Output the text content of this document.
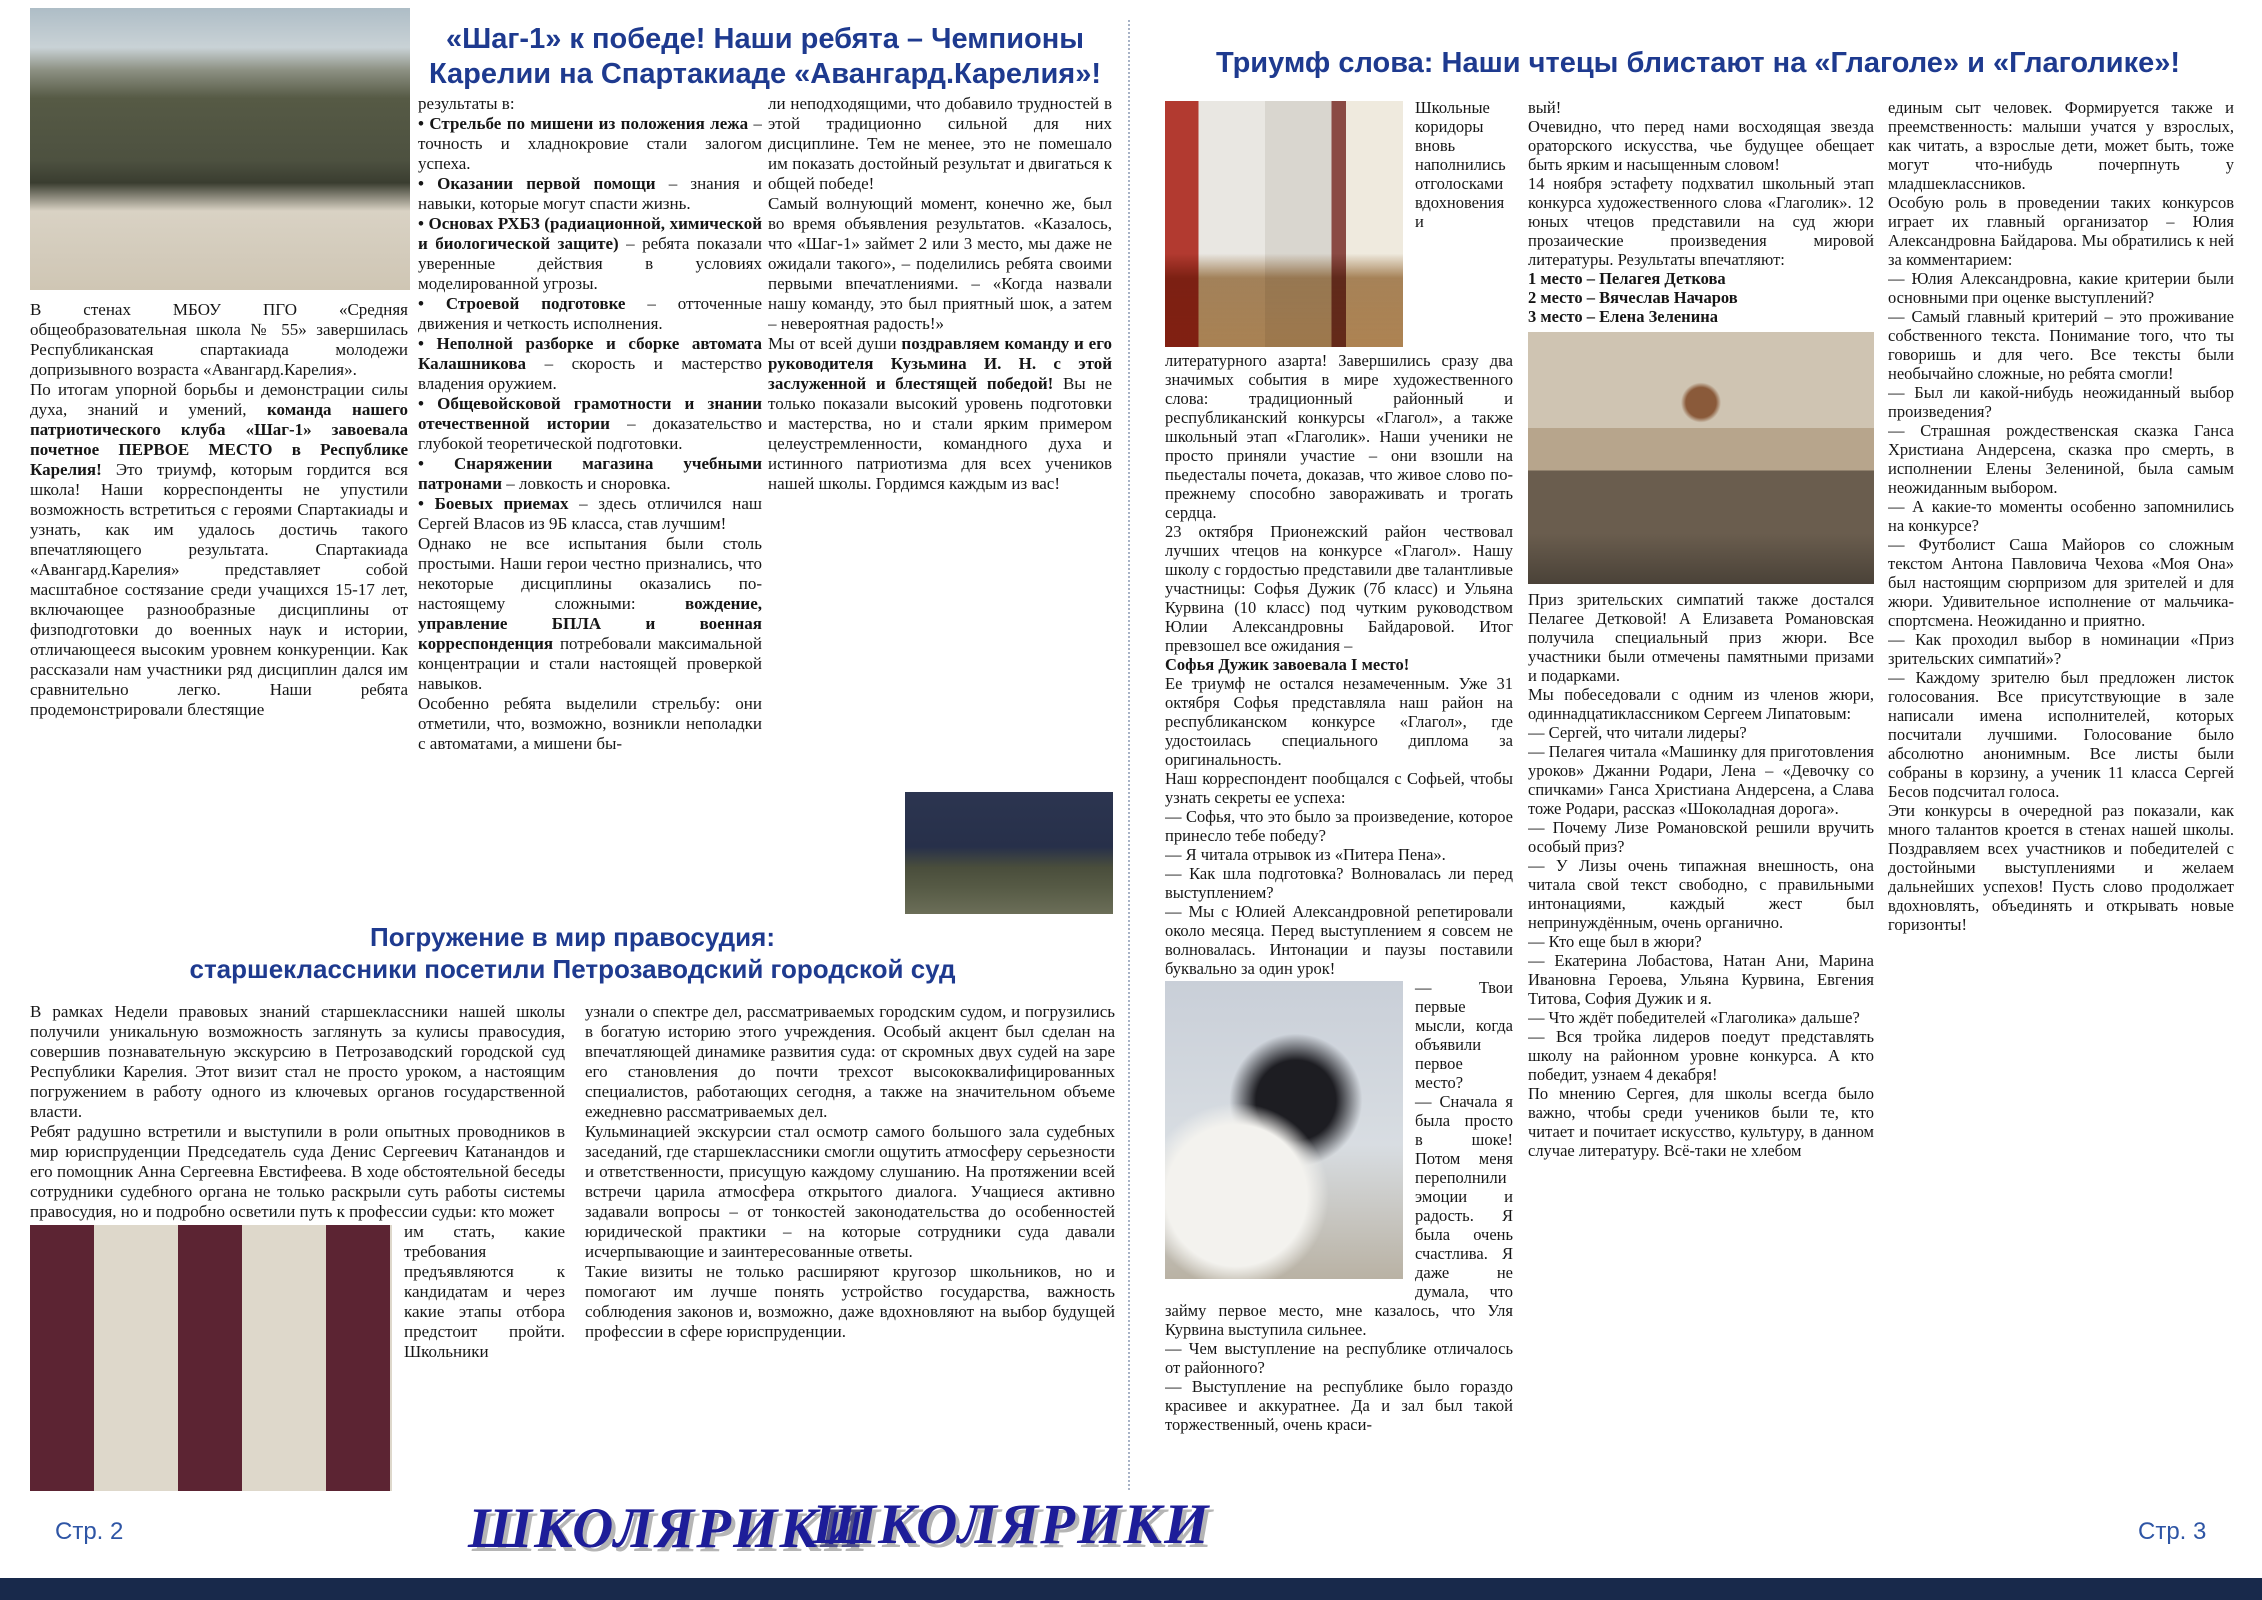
«Шаг-1» к победе! Наши ребята – Чемпионы Карелии на Спартакиаде «Авангард.Карелия»!

В стенах МБОУ ПГО «Средняя общеобразовательная школа № 55» завершилась Республиканская спартакиада молодежи допризывного возраста «Авангард.Карелия».

По итогам упорной борьбы и демонстрации силы духа, знаний и умений, команда нашего патриотического клуба «Шаг-1» завоевала почетное ПЕРВОЕ МЕСТО в Республике Карелия! Это триумф, которым гордится вся школа! Наши корреспонденты не упустили возможность встретиться с героями Спартакиады и узнать, как им удалось достичь такого впечатляющего результата. Спартакиада «Авангард.Карелия» представляет собой масштабное состязание среди учащихся 15-17 лет, включающее разнообразные дисциплины от физподготовки до военных наук и истории, отличающееся высоким уровнем конкуренции. Как рассказали нам участники ряд дисциплин дался им сравнительно легко. Наши ребята продемонстрировали блестящие

результаты в:

• Стрельбе по мишени из положения лежа – точность и хладнокровие стали залогом успеха.

• Оказании первой помощи – знания и навыки, которые могут спасти жизнь.

• Основах РХБЗ (радиационной, химической и биологической защите) – ребята показали уверенные действия в условиях моделированной угрозы.

• Строевой подготовке – отточенные движения и четкость исполнения.

• Неполной разборке и сборке автомата Калашникова – скорость и мастерство владения оружием.

• Общевойсковой грамотности и знании отечественной истории – доказательство глубокой теоретической подготовки.

• Снаряжении магазина учебными патронами – ловкость и сноровка.

• Боевых приемах – здесь отличился наш Сергей Власов из 9Б класса, став лучшим!

Однако не все испытания были столь простыми. Наши герои честно признались, что некоторые дисциплины оказались по-настоящему сложными: вождение, управление БПЛА и военная корреспонденция потребовали максимальной концентрации и стали настоящей проверкой навыков.

Особенно ребята выделили стрельбу: они отметили, что, возможно, возникли неполадки с автоматами, а мишени бы-

ли неподходящими, что добавило трудностей в этой традиционно сильной для них дисциплине. Тем не менее, это не помешало им показать достойный результат и двигаться к общей победе!

Самый волнующий момент, конечно же, был во время объявления результатов. «Казалось, что «Шаг-1» займет 2 или 3 место, мы даже не ожидали такого», – поделились ребята своими первыми впечатлениями. – «Когда назвали нашу команду, это был приятный шок, а затем – невероятная радость!»

Мы от всей души поздравляем команду и его руководителя Кузьмина И. Н. с этой заслуженной и блестящей победой! Вы не только показали высокий уровень подготовки и мастерства, но и стали ярким примером целеустремленности, командного духа и истинного патриотизма для всех учеников нашей школы. Гордимся каждым из вас!

Погружение в мир правосудия:
старшеклассники посетили Петрозаводский городской суд

В рамках Недели правовых знаний старшеклассники нашей школы получили уникальную возможность заглянуть за кулисы правосудия, совершив познавательную экскурсию в Петрозаводский городской суд Республики Карелия. Этот визит стал не просто уроком, а настоящим погружением в работу одного из ключевых органов государственной власти.

Ребят радушно встретили и выступили в роли опытных проводников в мир юриспруденции Председатель суда Денис Сергеевич Катанандов и его помощник Анна Сергеевна Евстифеева. В ходе обстоятельной беседы сотрудники судебного органа не только раскрыли суть работы системы правосудия, но и подробно осветили путь к профессии судьи: кто может

им стать, какие требования предъявляются к кандидатам и через какие этапы отбора предстоит пройти. Школьники

узнали о спектре дел, рассматриваемых городским судом, и погрузились в богатую историю этого учреждения. Особый акцент был сделан на впечатляющей динамике развития суда: от скромных двух судей на заре его становления до почти трехсот высококвалифицированных специалистов, работающих сегодня, а также на значительном объеме ежедневно рассматриваемых дел.

Кульминацией экскурсии стал осмотр самого большого зала судебных заседаний, где старшеклассники смогли ощутить атмосферу серьезности и ответственности, присущую каждому слушанию. На протяжении всей встречи царила атмосфера открытого диалога. Учащиеся активно задавали вопросы – от тонкостей законодательства до особенностей юридической практики – на которые сотрудники суда давали исчерпывающие и заинтересованные ответы.

Такие визиты не только расширяют кругозор школьников, но и помогают им лучше понять устройство государства, важность соблюдения законов и, возможно, даже вдохновляют на выбор будущей профессии в сфере юриспруденции.

Триумф слова: Наши чтецы блистают на «Глаголе» и «Глаголике»!

Школьные коридоры вновь наполнились отголосками вдохновения и литературного азарта! Завершились сразу два значимых события в мире художественного слова: традиционный районный и республиканский конкурсы «Глагол», а также школьный этап «Глаголик». Наши ученики не просто приняли участие – они взошли на пьедесталы почета, доказав, что живое слово по-прежнему способно завораживать и трогать сердца.

23 октября Прионежский район чествовал лучших чтецов на конкурсе «Глагол». Нашу школу с гордостью представили две талантливые участницы: Софья Дужик (7б класс) и Ульяна Курвина (10 класс) под чутким руководством Юлии Александровны Байдаровой. Итог превзошел все ожидания –

Софья Дужик завоевала I место!

Ее триумф не остался незамеченным. Уже 31 октября Софья представляла наш район на республиканском конкурсе «Глагол», где удостоилась специального диплома за оригинальность.

Наш корреспондент пообщался с Софьей, чтобы узнать секреты ее успеха:

— Софья, что это было за произведение, которое принесло тебе победу?

— Я читала отрывок из «Питера Пена».

— Как шла подготовка? Волновалась ли перед выступлением?

— Мы с Юлией Александровной репетировали около месяца. Перед выступлением я совсем не волновалась. Интонации и паузы поставили буквально за один урок!

— Твои первые мысли, когда объявили первое место?

— Сначала я была просто в шоке! Потом меня переполнили эмоции и радость. Я была очень счастлива. Я даже не думала, что займу первое место, мне казалось, что Уля Курвина выступила сильнее.

— Чем выступление на республике отличалось от районного?

— Выступление на республике было гораздо красивее и аккуратнее. Да и зал был такой торжественный, очень краси-

вый!

Очевидно, что перед нами восходящая звезда ораторского искусства, чье будущее обещает быть ярким и насыщенным словом!

14 ноября эстафету подхватил школьный этап конкурса художественного слова «Глаголик». 12 юных чтецов представили на суд жюри прозаические произведения мировой литературы. Результаты впечатляют:

1 место – Пелагея Деткова

2 место – Вячеслав Начаров

3 место – Елена Зеленина

Приз зрительских симпатий также достался Пелагее Детковой! А Елизавета Романовская получила специальный приз жюри. Все участники были отмечены памятными призами и подарками.

Мы побеседовали с одним из членов жюри, одиннадцатиклассником Сергеем Липатовым:

— Сергей, что читали лидеры?

— Пелагея читала «Машинку для приготовления уроков» Джанни Родари, Лена – «Девочку со спичками» Ганса Христиана Андерсена, а Слава тоже Родари, рассказ «Шоколадная дорога».

— Почему Лизе Романовской решили вручить особый приз?

— У Лизы очень типажная внешность, она читала свой текст свободно, с правильными интонациями, каждый жест был непринуждённым, очень органично.

— Кто еще был в жюри?

— Екатерина Лобастова, Натан Ани, Марина Ивановна Героева, Ульяна Курвина, Евгения Титова, София Дужик и я.

— Что ждёт победителей «Глаголика» дальше?

— Вся тройка лидеров поедут представлять школу на районном уровне конкурса. А кто победит, узнаем 4 декабря!

По мнению Сергея, для школы всегда было важно, чтобы среди учеников были те, кто читает и почитает искусство, культуру, в данном случае литературу. Всё-таки не хлебом

единым сыт человек. Формируется также и преемственность: малыши учатся у взрослых, как читать, а взрослые дети, может быть, тоже могут что-нибудь почерпнуть у младшеклассников.

Особую роль в проведении таких конкурсов играет их главный организатор – Юлия Александровна Байдарова. Мы обратились к ней за комментарием:

— Юлия Александровна, какие критерии были основными при оценке выступлений?

— Самый главный критерий – это проживание собственного текста. Понимание того, что ты говоришь и для чего. Все тексты были необычайно сложные, но ребята смогли!

— Был ли какой-нибудь неожиданный выбор произведения?

— Страшная рождественская сказка Ганса Христиана Андерсена, сказка про смерть, в исполнении Елены Зелениной, была самым неожиданным выбором.

— А какие-то моменты особенно запомнились на конкурсе?

— Футболист Саша Майоров со сложным текстом Антона Павловича Чехова «Моя Она» был настоящим сюрпризом для зрителей и для жюри. Удивительное исполнение от мальчика-спортсмена. Неожиданно и приятно.

— Как проходил выбор в номинации «Приз зрительских симпатий»?

— Каждому зрителю был предложен листок голосования. Все присутствующие в зале написали имена исполнителей, которых посчитали лучшими. Голосование было абсолютно анонимным. Все листы были собраны в корзину, а ученик 11 класса Сергей Бесов подсчитал голоса.

Эти конкурсы в очередной раз показали, как много талантов кроется в стенах нашей школы. Поздравляем всех участников и победителей с достойными выступлениями и желаем дальнейших успехов! Пусть слово продолжает вдохновлять, объединять и открывать новые горизонты!

Стр. 2	ШКОЛЯРИКИ
ШКОЛЯРИКИ	Стр. 3
